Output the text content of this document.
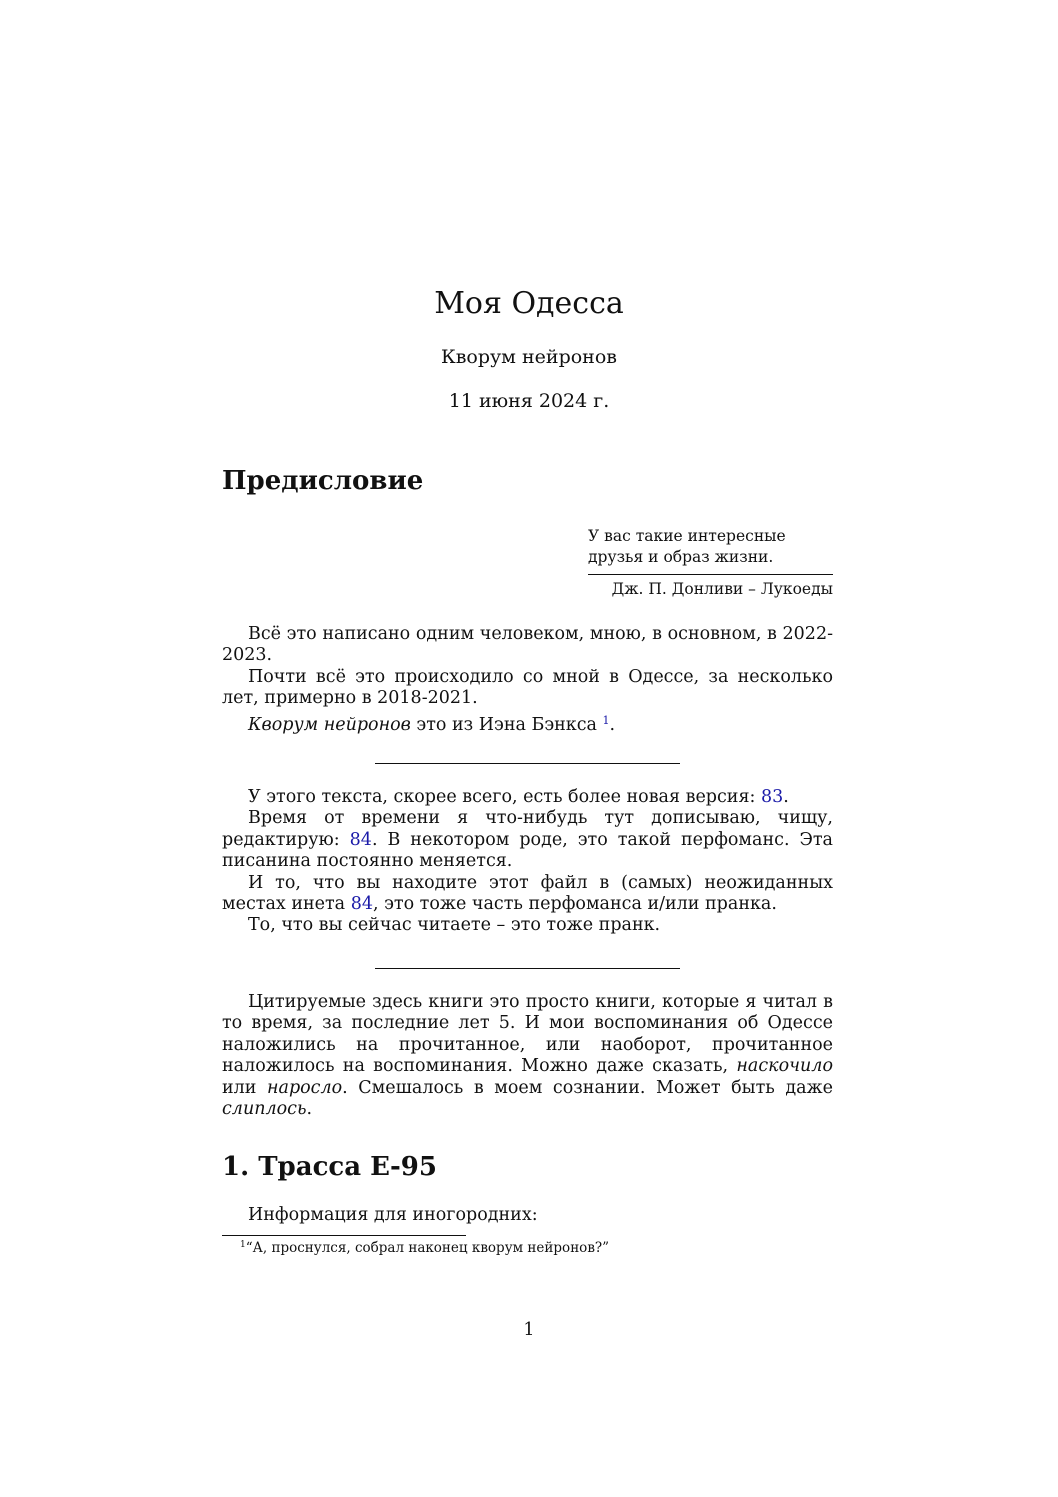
Моя Одесса
Кворум нейронов
11 июня 2024 г.
Предисловие
У вас такие интересные
друзья и образ жизни.
Дж. П. Донливи – Лукоеды

Всё это написано одним человеком, мною, в основном, в 2022-2023.

Почти всё это происходило со мной в Одессе, за несколько лет, примерно в 2018-2021.

Кворум нейронов это из Иэна Бэнкса $^1$.

У этого текста, скорее всего, есть более новая версия: 83.

Время от времени я что-нибудь тут дописываю, чищу, редактирую: 84. В некотором роде, это такой перфоманс. Эта писанина постоянно меняется.

И то, что вы находите этот файл в (самых) неожиданных местах инета 84, это тоже часть перфоманса и/или пранка.

То, что вы сейчас читаете – это тоже пранк.

Цитируемые здесь книги это просто книги, которые я читал в то время, за последние лет 5. И мои воспоминания об Одессе наложились на прочитанное, или наоборот, прочитанное наложилось на воспоминания. Можно даже сказать, наскочило или наросло. Смешалось в моем сознании. Может быть даже слиплось.

1. Трасса Е-95

Информация для иногородних:

$^1$“А, проснулся, собрал наконец кворум нейронов?”
1
